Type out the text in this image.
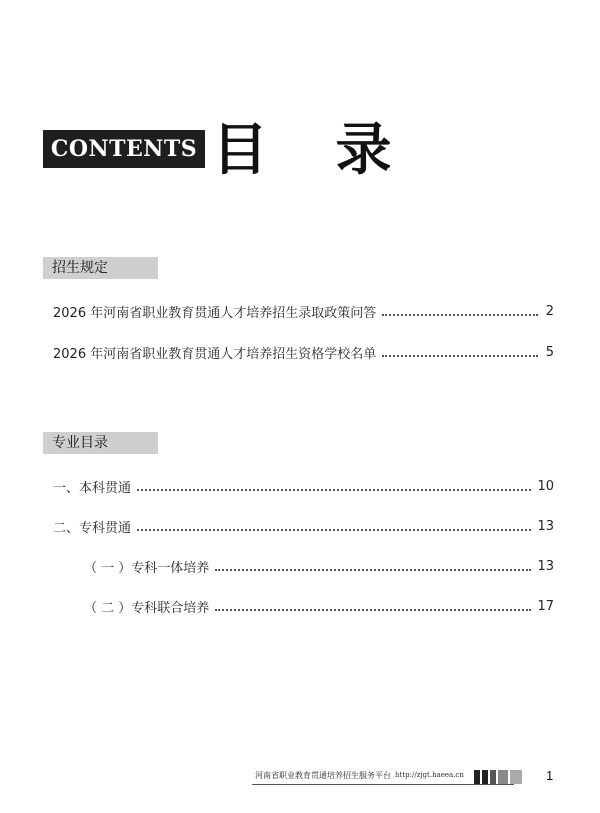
CONTENTS 目 录
招生规定
2026 年河南省职业教育贯通人才培养招生录取政策问答	2
2026 年河南省职业教育贯通人才培养招生资格学校名单	5
专业目录
一、本科贯通	10
二、专科贯通	13
（ 一 ）专科一体培养	13
（ 二 ）专科联合培养	17
河南省职业教育贯通培养招生服务平台 http://zjgt.haeea.cn	1
